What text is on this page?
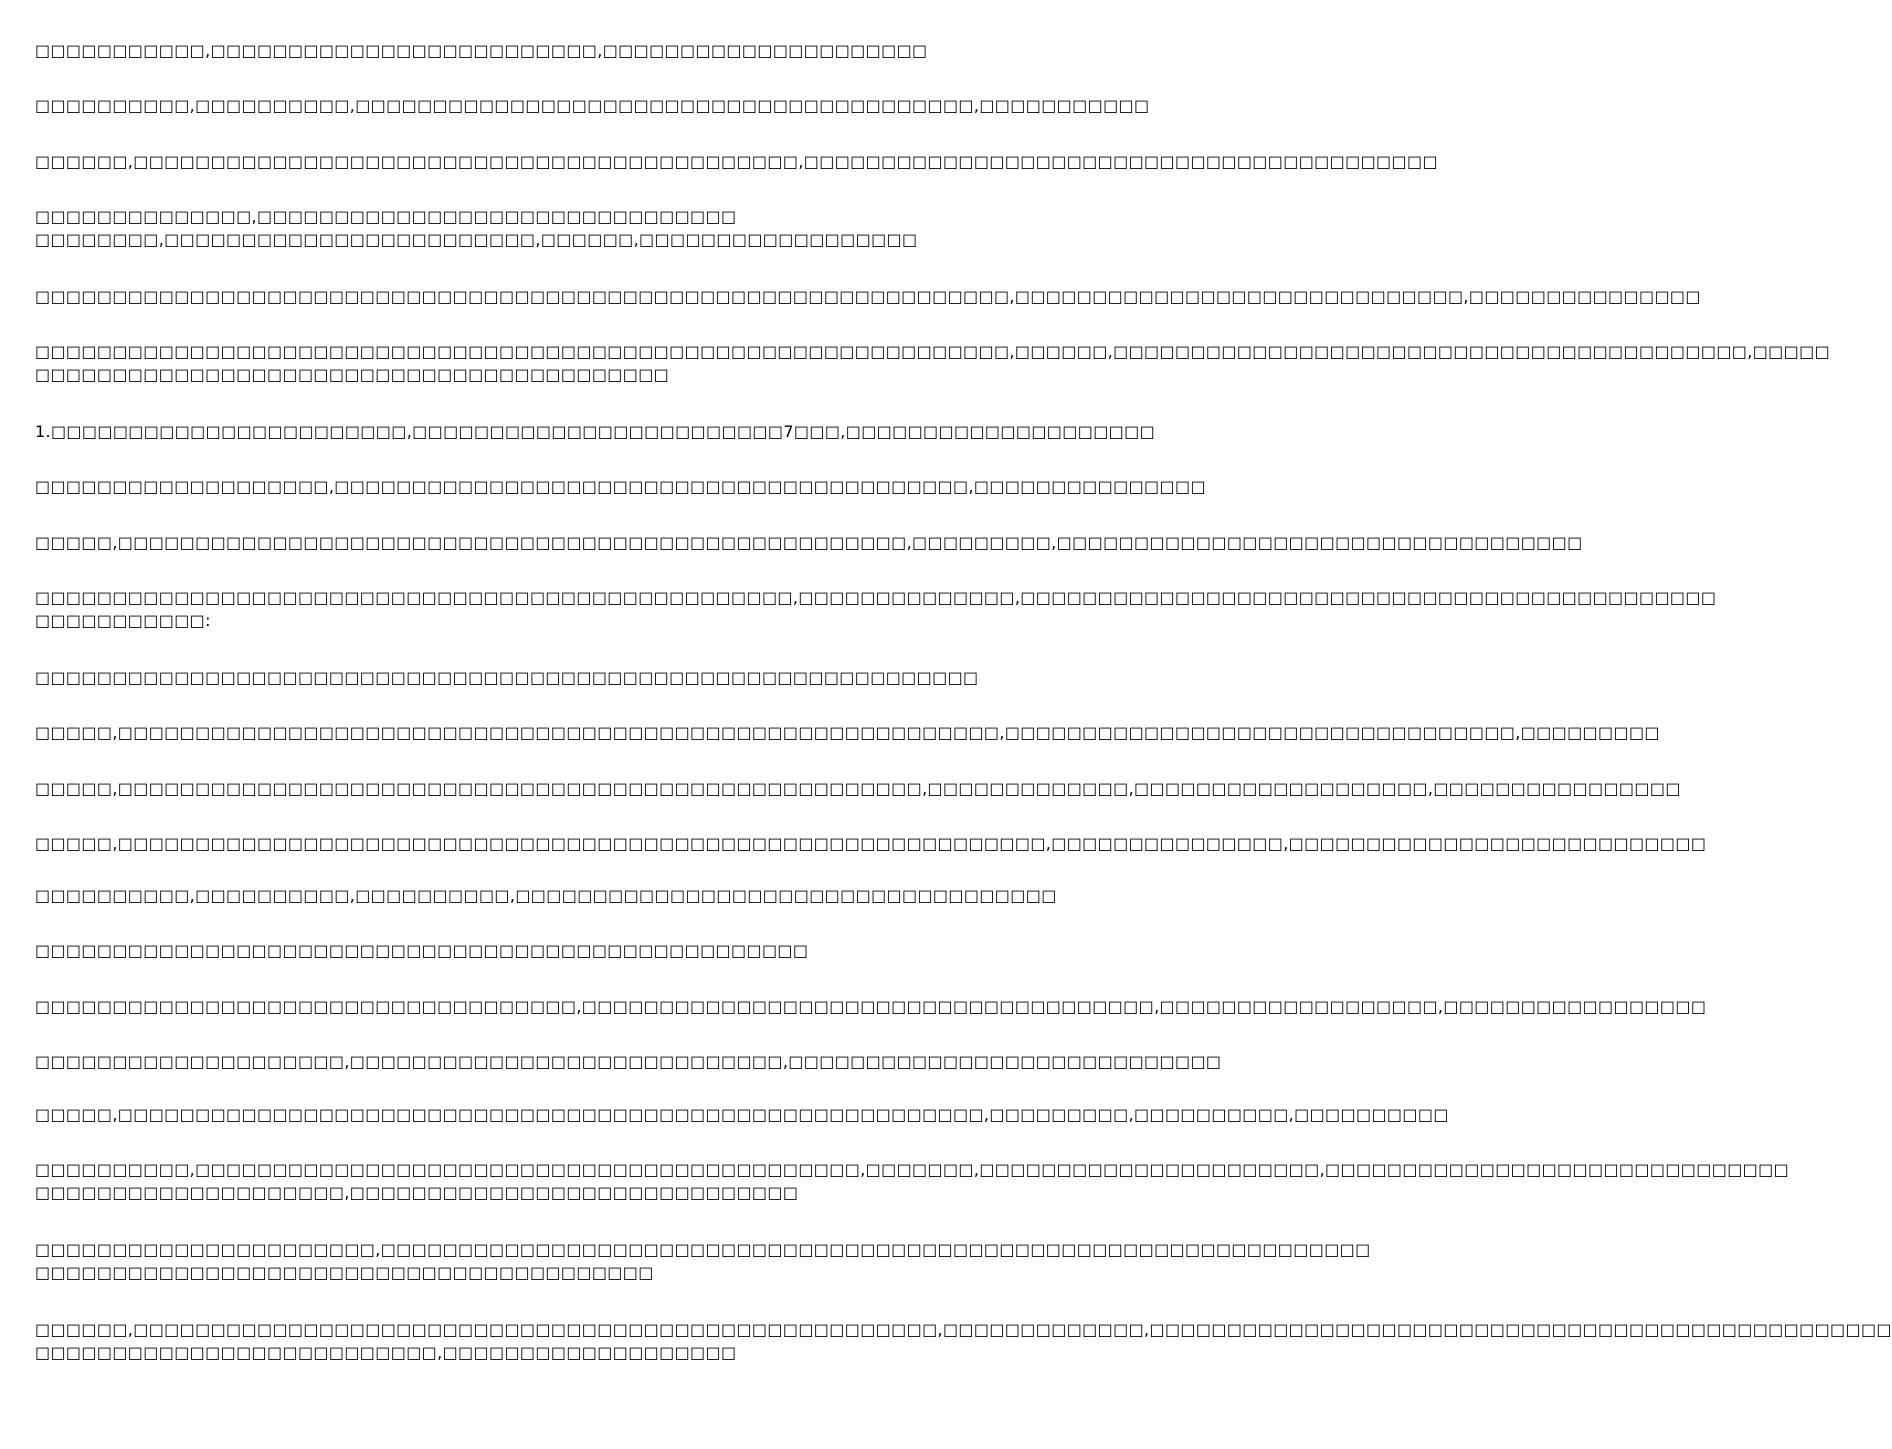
□□□□□□□□□□□,□□□□□□□□□□□□□□□□□□□□□□□□□,□□□□□□□□□□□□□□□□□□□□□
□□□□□□□□□□,□□□□□□□□□□,□□□□□□□□□□□□□□□□□□□□□□□□□□□□□□□□□□□□□□□□,□□□□□□□□□□□
□□□□□□,□□□□□□□□□□□□□□□□□□□□□□□□□□□□□□□□□□□□□□□□□□□,□□□□□□□□□□□□□□□□□□□□□□□□□□□□□□□□□□□□□□□□□
□□□□□□□□□□□□□□,□□□□□□□□□□□□□□□□□□□□□□□□□□□□□□□
□□□□□□□□,□□□□□□□□□□□□□□□□□□□□□□□□,□□□□□□,□□□□□□□□□□□□□□□□□□
□□□□□□□□□□□□□□□□□□□□□□□□□□□□□□□□□□□□□□□□□□□□□□□□□□□□□□□□□□□□□□□,□□□□□□□□□□□□□□□□□□□□□□□□□□□□□,□□□□□□□□□□□□□□□
□□□□□□□□□□□□□□□□□□□□□□□□□□□□□□□□□□□□□□□□□□□□□□□□□□□□□□□□□□□□□□□,□□□□□□,□□□□□□□□□□□□□□□□□□□□□□□□□□□□□□□□□□□□□□□□□,□□□□□
□□□□□□□□□□□□□□□□□□□□□□□□□□□□□□□□□□□□□□□□□
1.□□□□□□□□□□□□□□□□□□□□□□□,□□□□□□□□□□□□□□□□□□□□□□□□7□□□,□□□□□□□□□□□□□□□□□□□□
□□□□□□□□□□□□□□□□□□□,□□□□□□□□□□□□□□□□□□□□□□□□□□□□□□□□□□□□□□□□□,□□□□□□□□□□□□□□□
□□□□□,□□□□□□□□□□□□□□□□□□□□□□□□□□□□□□□□□□□□□□□□□□□□□□□□□□□,□□□□□□□□□,□□□□□□□□□□□□□□□□□□□□□□□□□□□□□□□□□□
□□□□□□□□□□□□□□□□□□□□□□□□□□□□□□□□□□□□□□□□□□□□□□□□□,□□□□□□□□□□□□□□,□□□□□□□□□□□□□□□□□□□□□□□□□□□□□□□□□□□□□□□□□□□□□
□□□□□□□□□□□:
□□□□□□□□□□□□□□□□□□□□□□□□□□□□□□□□□□□□□□□□□□□□□□□□□□□□□□□□□□□□□
□□□□□,□□□□□□□□□□□□□□□□□□□□□□□□□□□□□□□□□□□□□□□□□□□□□□□□□□□□□□□□□,□□□□□□□□□□□□□□□□□□□□□□□□□□□□□□□□□,□□□□□□□□□
□□□□□,□□□□□□□□□□□□□□□□□□□□□□□□□□□□□□□□□□□□□□□□□□□□□□□□□□□□,□□□□□□□□□□□□□,□□□□□□□□□□□□□□□□□□□,□□□□□□□□□□□□□□□□
□□□□□,□□□□□□□□□□□□□□□□□□□□□□□□□□□□□□□□□□□□□□□□□□□□□□□□□□□□□□□□□□□□,□□□□□□□□□□□□□□□,□□□□□□□□□□□□□□□□□□□□□□□□□□□
□□□□□□□□□□,□□□□□□□□□□,□□□□□□□□□□,□□□□□□□□□□□□□□□□□□□□□□□□□□□□□□□□□□□
□□□□□□□□□□□□□□□□□□□□□□□□□□□□□□□□□□□□□□□□□□□□□□□□□□
□□□□□□□□□□□□□□□□□□□□□□□□□□□□□□□□□□□,□□□□□□□□□□□□□□□□□□□□□□□□□□□□□□□□□□□□□,□□□□□□□□□□□□□□□□□□,□□□□□□□□□□□□□□□□□
□□□□□□□□□□□□□□□□□□□□,□□□□□□□□□□□□□□□□□□□□□□□□□□□□,□□□□□□□□□□□□□□□□□□□□□□□□□□□□
□□□□□,□□□□□□□□□□□□□□□□□□□□□□□□□□□□□□□□□□□□□□□□□□□□□□□□□□□□□□□□,□□□□□□□□□,□□□□□□□□□□,□□□□□□□□□□
□□□□□□□□□□,□□□□□□□□□□□□□□□□□□□□□□□□□□□□□□□□□□□□□□□□□□□,□□□□□□□,□□□□□□□□□□□□□□□□□□□□□□,□□□□□□□□□□□□□□□□□□□□□□□□□□□□□□
□□□□□□□□□□□□□□□□□□□□,□□□□□□□□□□□□□□□□□□□□□□□□□□□□□
□□□□□□□□□□□□□□□□□□□□□□,□□□□□□□□□□□□□□□□□□□□□□□□□□□□□□□□□□□□□□□□□□□□□□□□□□□□□□□□□□□□□□□□
□□□□□□□□□□□□□□□□□□□□□□□□□□□□□□□□□□□□□□□□
□□□□□□,□□□□□□□□□□□□□□□□□□□□□□□□□□□□□□□□□□□□□□□□□□□□□□□□□□□□,□□□□□□□□□□□□□,□□□□□□□□□□□□□□□□□□□□□□□□□□□□□□□□□□□□□□□□□□□□□□□□
□□□□□□□□□□□□□□□□□□□□□□□□□□,□□□□□□□□□□□□□□□□□□□
